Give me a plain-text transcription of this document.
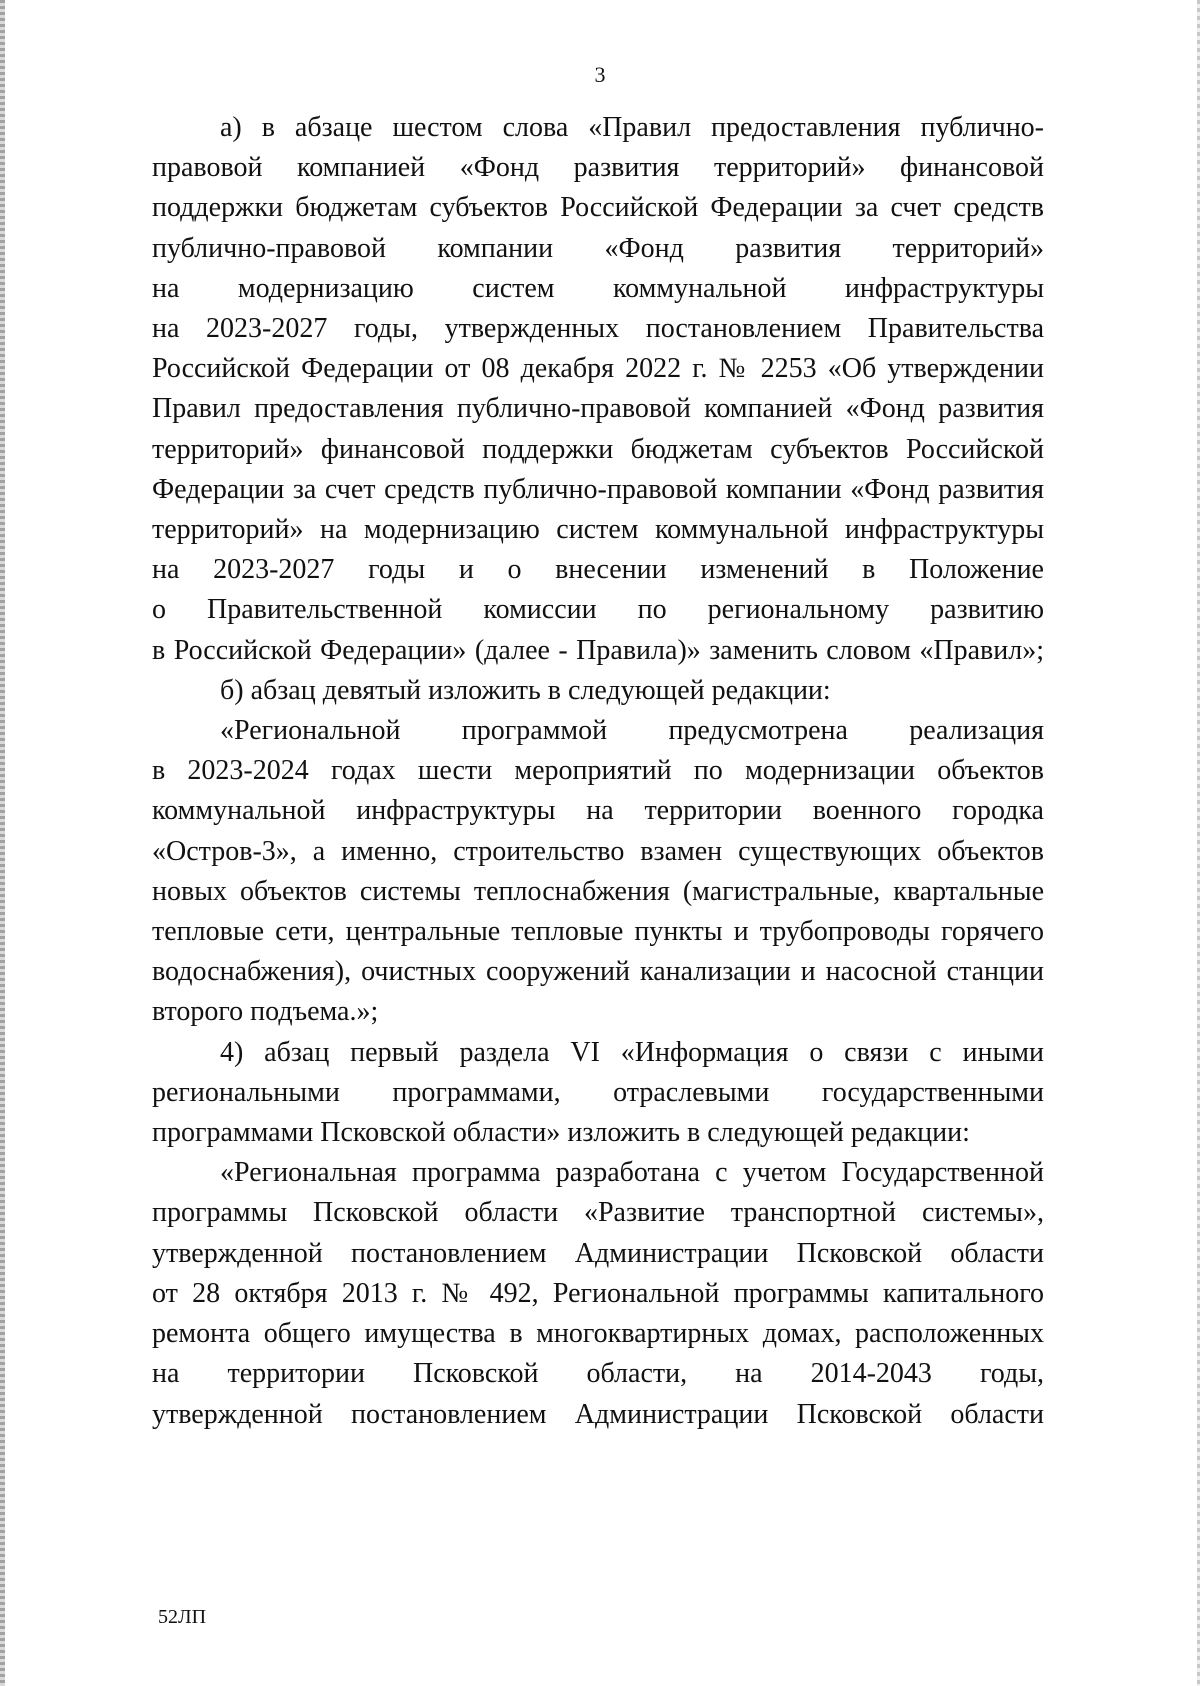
3
а) в абзаце шестом слова «Правил предоставления публично-
правовой компанией «Фонд развития территорий» финансовой
поддержки бюджетам субъектов Российской Федерации за счет средств
публично-правовой компании «Фонд развития территорий»
на модернизацию систем коммунальной инфраструктуры
на 2023-2027 годы, утвержденных постановлением Правительства
Российской Федерации от 08 декабря 2022 г. № 2253 «Об утверждении
Правил предоставления публично-правовой компанией «Фонд развития
территорий» финансовой поддержки бюджетам субъектов Российской
Федерации за счет средств публично-правовой компании «Фонд развития
территорий» на модернизацию систем коммунальной инфраструктуры
на 2023-2027 годы и о внесении изменений в Положение
о Правительственной комиссии по региональному развитию
в Российской Федерации» (далее - Правила)» заменить словом «Правил»;
б) абзац девятый изложить в следующей редакции:
«Региональной программой предусмотрена реализация
в 2023-2024 годах шести мероприятий по модернизации объектов
коммунальной инфраструктуры на территории военного городка
«Остров-3», а именно, строительство взамен существующих объектов
новых объектов системы теплоснабжения (магистральные, квартальные
тепловые сети, центральные тепловые пункты и трубопроводы горячего
водоснабжения), очистных сооружений канализации и насосной станции
второго подъема.»;
4) абзац первый раздела VI «Информация о связи с иными
региональными программами, отраслевыми государственными
программами Псковской области» изложить в следующей редакции:
«Региональная программа разработана с учетом Государственной
программы Псковской области «Развитие транспортной системы»,
утвержденной постановлением Администрации Псковской области
от 28 октября 2013 г. № 492, Региональной программы капитального
ремонта общего имущества в многоквартирных домах, расположенных
на территории Псковской области, на 2014-2043 годы,
утвержденной постановлением Администрации Псковской области
52ЛП
